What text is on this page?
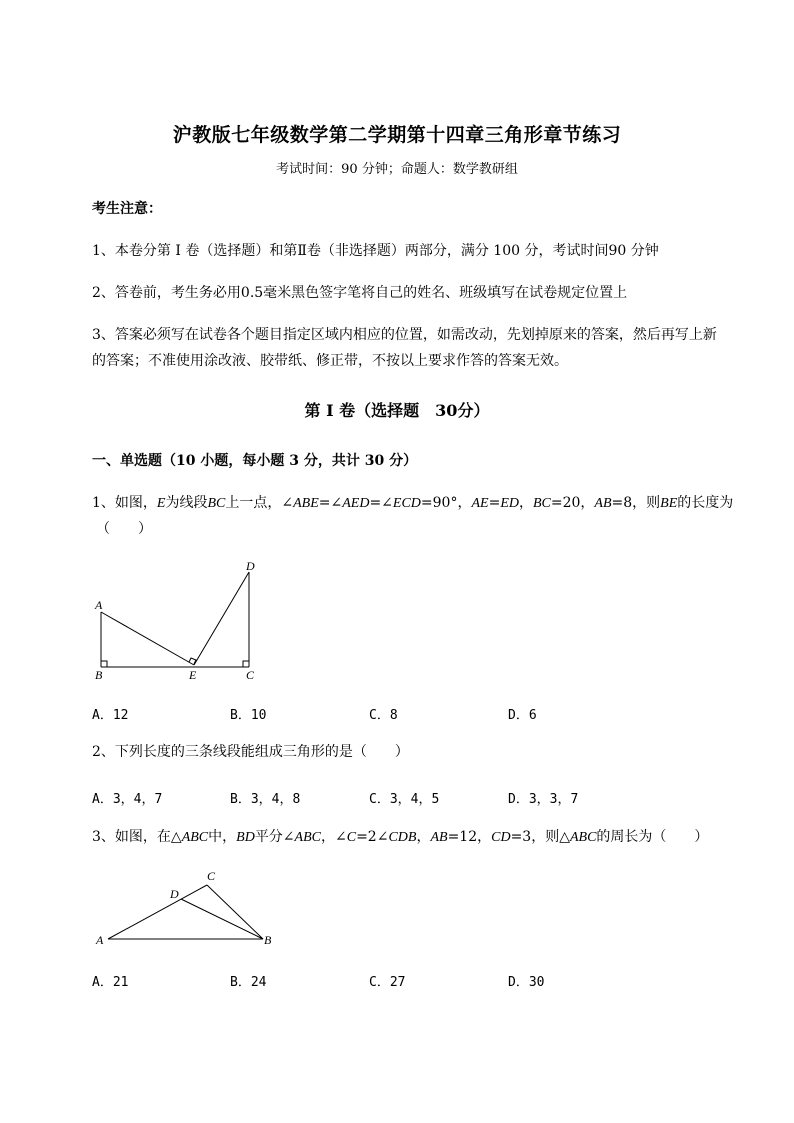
沪教版七年级数学第二学期第十四章三角形章节练习
考试时间：90 分钟；命题人：数学教研组
考生注意：
1、本卷分第 I 卷（选择题）和第Ⅱ卷（非选择题）两部分，满分 100 分，考试时间90 分钟
2、答卷前，考生务必用0.5毫米黑色签字笔将自己的姓名、班级填写在试卷规定位置上
3、答案必须写在试卷各个题目指定区域内相应的位置，如需改动，先划掉原来的答案，然后再写上新
的答案；不准使用涂改液、胶带纸、修正带，不按以上要求作答的答案无效。
第 I 卷（选择题　30分）
一、单选题（10 小题，每小题 3 分，共计 30 分）
1、如图，E为线段BC上一点，∠ABE=∠AED=∠ECD=90°，AE=ED，BC=20，AB=8，则BE的长度为
（　　）
A
B	E	C
D
A．12	B．10	C．8	D．6
2、下列长度的三条线段能组成三角形的是（　　）
A．3，4，7	B．3，4，8	C．3，4，5	D．3，3，7
3、如图，在△ABC中，BD平分∠ABC，∠C=2∠CDB，AB=12，CD=3，则△ABC的周长为（　　）
A	B
C
D
A．21	B．24	C．27	D．30
